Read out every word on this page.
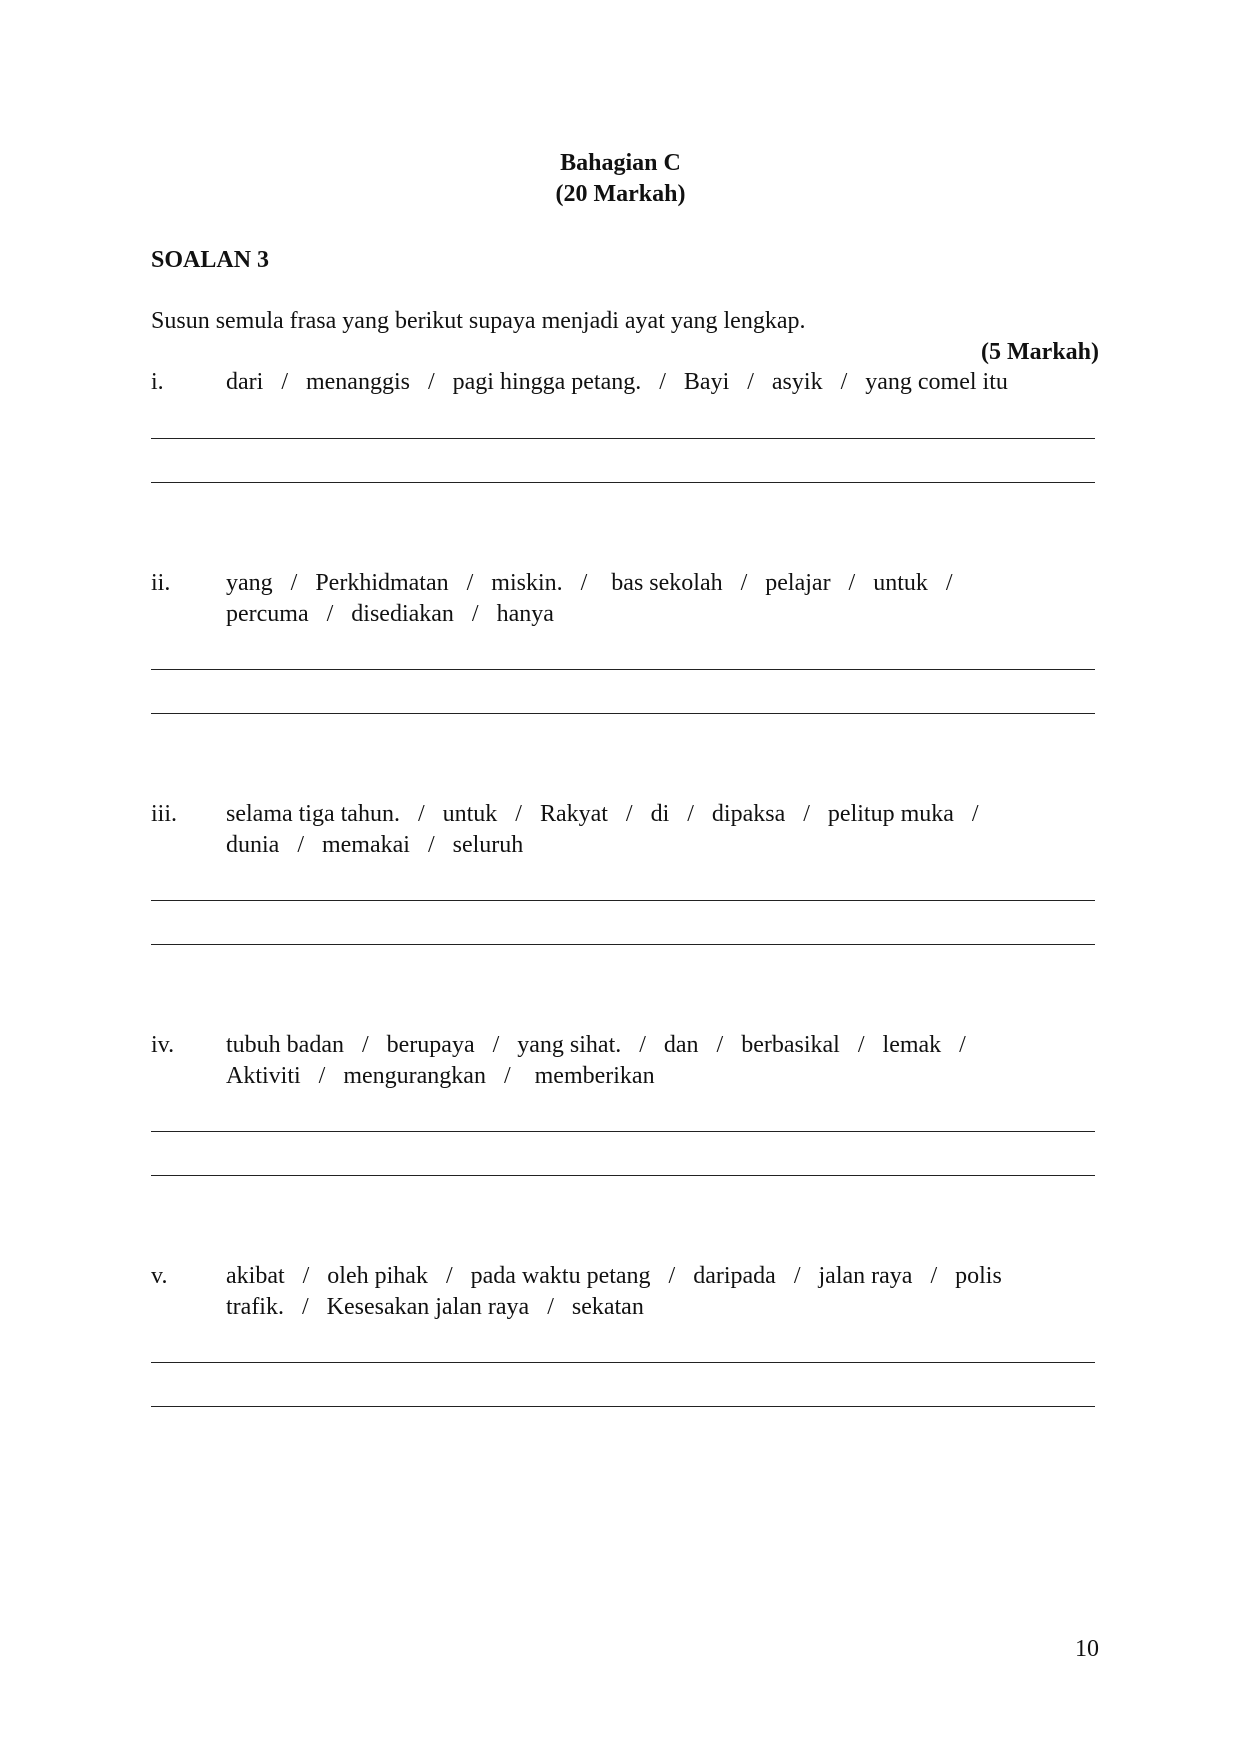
Bahagian C
(20 Markah)
SOALAN 3
Susun semula frasa yang berikut supaya menjadi ayat yang lengkap.
(5 Markah)
i.	dari   /   menanggis   /   pagi hingga petang.   /   Bayi   /   asyik   /   yang comel itu
ii. yang   /   Perkhidmatan   /   miskin.   /    bas sekolah   /   pelajar   /   untuk   /
percuma   /   disediakan   /   hanya
iii. selama tiga tahun.   /   untuk   /   Rakyat   /   di   /   dipaksa   /   pelitup muka   /
dunia   /   memakai   /   seluruh
iv. tubuh badan   /   berupaya   /   yang sihat.   /   dan   /   berbasikal   /   lemak   /
Aktiviti   /   mengurangkan   /    memberikan
v. akibat   /   oleh pihak   /   pada waktu petang   /   daripada   /   jalan raya   /   polis
trafik.   /   Kesesakan jalan raya   /   sekatan
10
